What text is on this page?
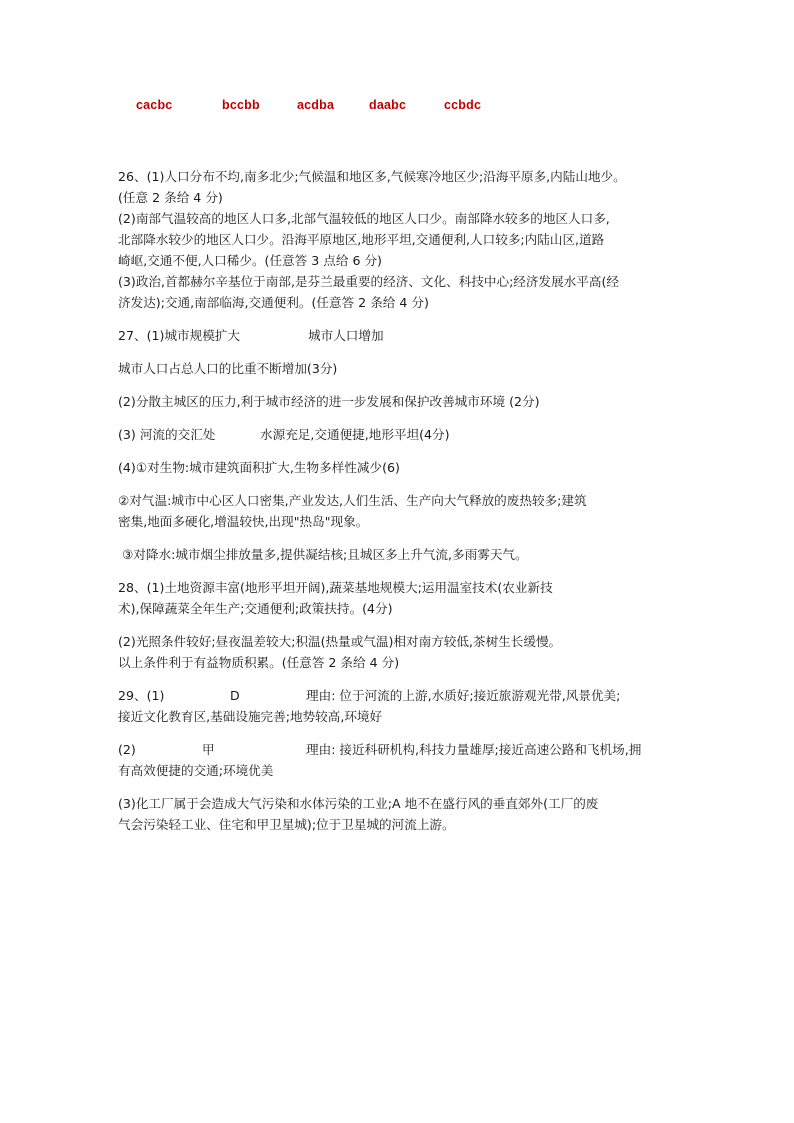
cacbc	bccbb	acdba	daabc	ccbdc

26、(1)人口分布不均,南多北少;气候温和地区多,气候寒冷地区少;沿海平原多,内陆山地少。

(任意 2 条给 4 分)

(2)南部气温较高的地区人口多,北部气温较低的地区人口少。南部降水较多的地区人口多,

北部降水较少的地区人口少。沿海平原地区,地形平坦,交通便利,人口较多;内陆山区,道路

崎岖,交通不便,人口稀少。(任意答 3 点给 6 分)

(3)政治,首都赫尔辛基位于南部,是芬兰最重要的经济、文化、科技中心;经济发展水平高(经

济发达);交通,南部临海,交通便利。(任意答 2 条给 4 分)

27、(1)城市规模扩大	城市人口增加

城市人口占总人口的比重不断增加(3分)

(2)分散主城区的压力,利于城市经济的进一步发展和保护改善城市环境 (2分)

(3) 河流的交汇处	水源充足,交通便捷,地形平坦(4分)

(4)①对生物:城市建筑面积扩大,生物多样性减少(6)

②对气温:城市中心区人口密集,产业发达,人们生活、生产向大气释放的废热较多;建筑

密集,地面多硬化,增温较快,出现"热岛"现象。

③对降水:城市烟尘排放量多,提供凝结核;且城区多上升气流,多雨雾天气。

28、(1)土地资源丰富(地形平坦开阔),蔬菜基地规模大;运用温室技术(农业新技

术),保障蔬菜全年生产;交通便利;政策扶持。(4分)

(2)光照条件较好;昼夜温差较大;积温(热量或气温)相对南方较低,茶树生长缓慢。

以上条件利于有益物质积累。(任意答 2 条给 4 分)

29、(1)	D	理由: 位于河流的上游,水质好;接近旅游观光带,风景优美;

接近文化教育区,基础设施完善;地势较高,环境好

(2)	甲	理由: 接近科研机构,科技力量雄厚;接近高速公路和飞机场,拥

有高效便捷的交通;环境优美

(3)化工厂属于会造成大气污染和水体污染的工业;A 地不在盛行风的垂直郊外(工厂的废

气会污染轻工业、住宅和甲卫星城);位于卫星城的河流上游。
